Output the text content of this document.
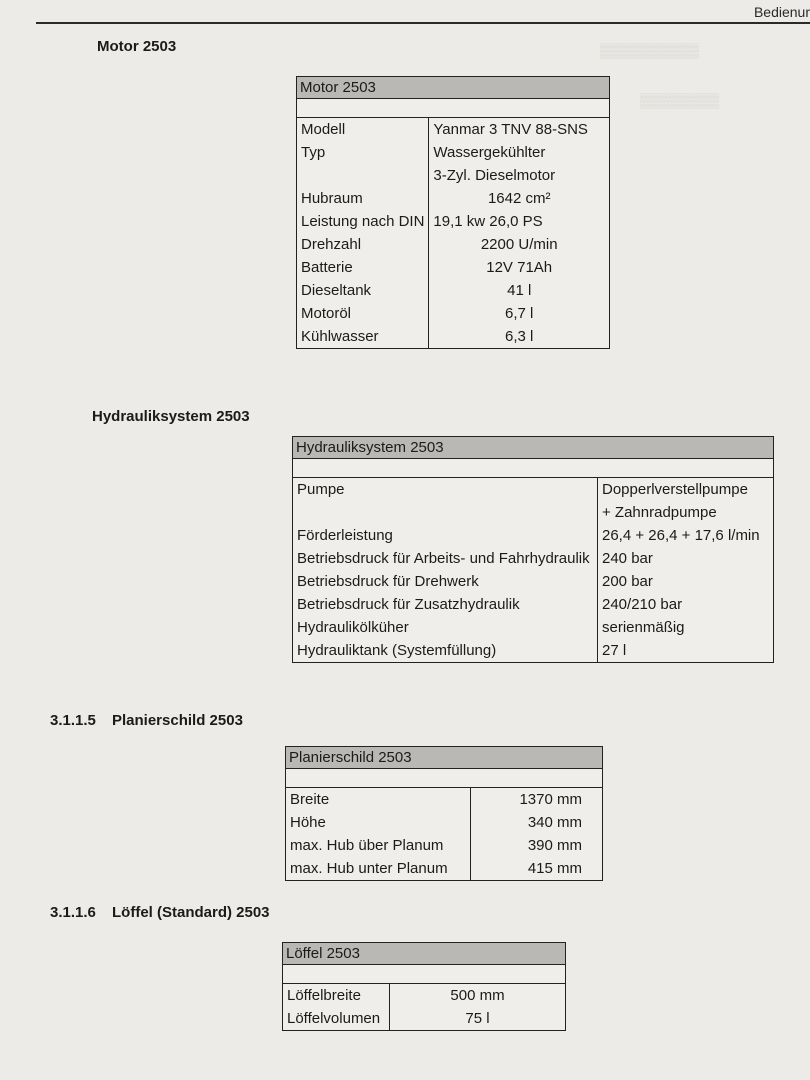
Bedienur
▒▒▒▒▒▒▒▒▒▒
▒▒▒▒▒▒▒▒
Motor 2503
Motor 2503	

Modell	Yanmar 3 TNV 88-SNS
Typ	Wassergekühlter
	3-Zyl. Dieselmotor
Hubraum	1642 cm²
Leistung nach DIN	19,1 kw 26,0 PS
Drehzahl	2200 U/min
Batterie	12V 71Ah
Dieseltank	41 l
Motoröl	6,7 l
Kühlwasser	6,3 l
Hydrauliksystem 2503
Hydrauliksystem 2503	

Pumpe	Dopperlverstellpumpe
	+ Zahnradpumpe
Förderleistung	26,4 + 26,4 + 17,6 l/min
Betriebsdruck für Arbeits- und Fahrhydraulik	240 bar
Betriebsdruck für Drehwerk	200 bar
Betriebsdruck für Zusatzhydraulik	240/210 bar
Hydraulikölküher	serienmäßig
Hydrauliktank (Systemfüllung)	27 l
3.1.1.5 Planierschild 2503
Planierschild 2503	

Breite	1370 mm
Höhe	340 mm
max. Hub über Planum	390 mm
max. Hub unter Planum	415 mm
3.1.1.6 Löffel (Standard) 2503
Löffel 2503	

Löffelbreite	500 mm
Löffelvolumen	75 l
